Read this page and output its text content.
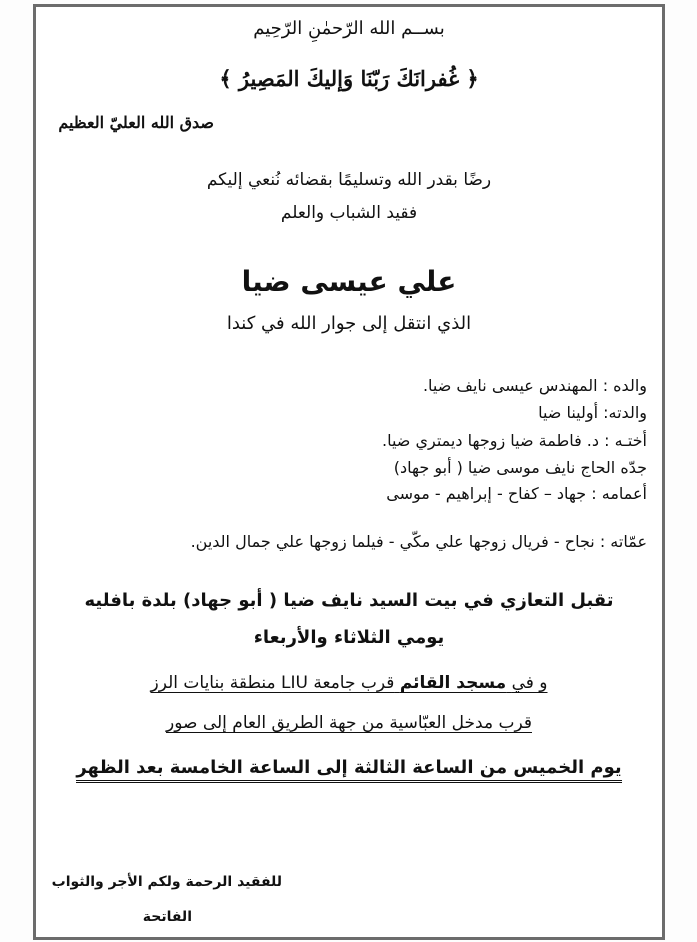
بســم الله الرّحمٰنِ الرّحِيم
﴿ غُفرانَكَ رَبّنَا وَإليكَ المَصِيرُ ﴾
صدق الله العليّ العظيم
رضًا بقدر الله وتسليمًا بقضائه نُنعي إليكم
فقيد الشباب والعلم
علي عيسى ضيا
الذي انتقل إلى جوار الله في كندا
والده : المهندس عيسى نايف ضيا.
والدته: أولينا ضيا
أختـه : د. فاطمة ضيا زوجها ديمتري ضيا.
جدّه الحاج نايف موسى ضيا ( أبو جهاد)
أعمامه : جهاد – كفاح - إبراهيم - موسى
عمّاته : نجاح - فريال زوجها علي مكّي - فيلما زوجها علي جمال الدين.
تقبل التعازي في بيت السيد نايف ضيا ( أبو جهاد) بلدة بافليه
يومي الثلاثاء والأربعاء
و في مسجد القائم قرب جامعة LIU منطقة بنايات الرز
قرب مدخل العبّاسية من جهة الطريق العام إلى صور
يوم الخميس من الساعة الثالثة إلى الساعة الخامسة بعد الظهر
للفقيد الرحمة ولكم الأجر والثواب
الفاتحة
